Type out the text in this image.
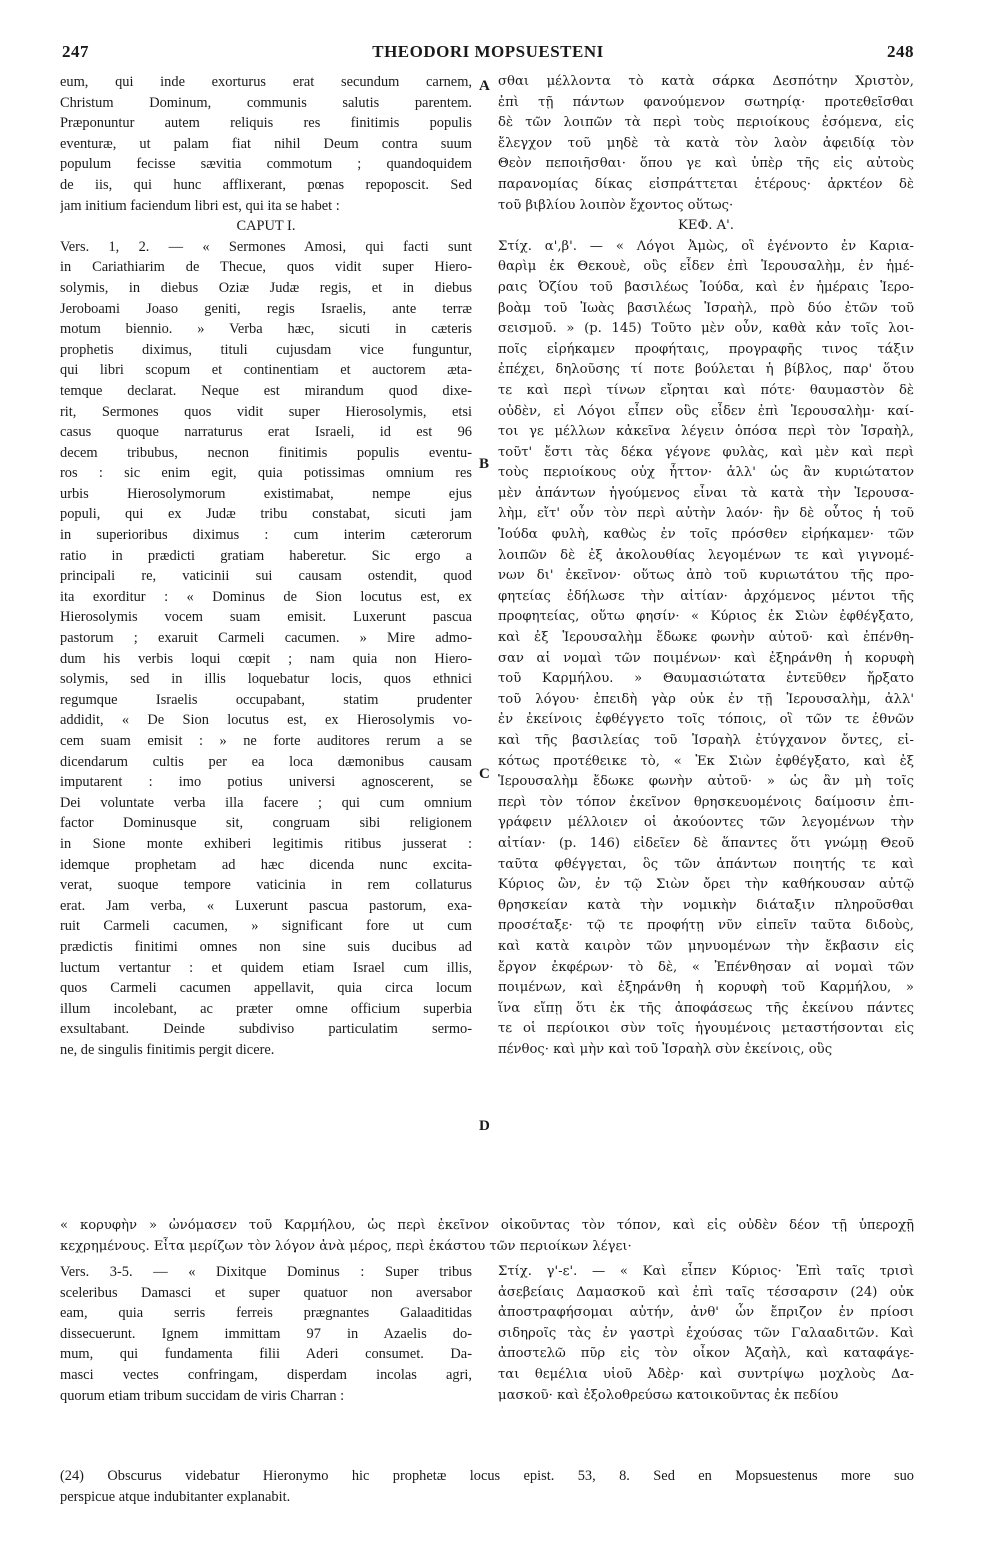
247	THEODORI MOPSUESTENI	248
eum, qui inde exorturus erat secundum carnem,
Christum Dominum, communis salutis parentem.
Præponuntur autem reliquis res finitimis populis
eventuræ, ut palam fiat nihil Deum contra suum
populum fecisse sævitia commotum ; quandoquidem
de iis, qui hunc afflixerant, pœnas repoposcit. Sed
jam initium faciendum libri est, qui ita se habet :
CAPUT I.
Vers. 1, 2. — « Sermones Amosi, qui facti sunt
in Cariathiarim de Thecue, quos vidit super Hiero-
solymis, in diebus Oziæ Judæ regis, et in diebus
Jeroboami Joaso geniti, regis Israelis, ante terræ
motum biennio. » Verba hæc, sicuti in cæteris
prophetis diximus, tituli cujusdam vice funguntur,
qui libri scopum et continentiam et auctorem ætа-
temque declarat. Neque est mirandum quod dixe-
rit, Sermones quos vidit super Hierosolymis, etsi
casus quoque narraturus erat Israeli, id est 96
decem tribubus, necnon finitimis populis eventu-
ros : sic enim egit, quia potissimas omnium res
urbis Hierosolymorum existimabat, nempe ejus
populi, qui ex Judæ tribu constabat, sicuti jam
in superioribus diximus : cum interim cæterorum
ratio in prædicti gratiam haberetur. Sic ergo a
principali re, vaticinii sui causam ostendit, quod
ita exorditur : « Dominus de Sion locutus est, ex
Hierosolymis vocem suam emisit. Luxerunt pascua
pastorum ; exaruit Carmeli cacumen. » Mire admo-
dum his verbis loqui cœpit ; nam quia non Hiero-
solymis, sed in illis loquebatur locis, quos ethnici
regumque Israelis occupabant, statim prudenter
addidit, « De Sion locutus est, ex Hierosolymis vo-
cem suam emisit : » ne forte auditores rerum a se
dicendarum cultis per ea loca dæmonibus causam
imputarent : imo potius universi agnoscerent, se
Dei voluntate verba illa facere ; qui cum omnium
factor Dominusque sit, congruam sibi religionem
in Sione monte exhiberi legitimis ritibus jusserat :
idemque prophetam ad hæc dicenda nunc excita-
verat, suoque tempore vaticinia in rem collaturus
erat. Jam verba, « Luxerunt pascua pastorum, exa-
ruit Carmeli cacumen, » significant fore ut cum
prædictis finitimi omnes non sine suis ducibus ad
luctum vertantur : et quidem etiam Israel cum illis,
quos Carmeli cacumen appellavit, quia circa locum
illum incolebant, ac præter omne officium superbia
exsultabant. Deinde subdiviso particulatim sermo-
ne, de singulis finitimis pergit dicere.
σθαι μέλλοντα τὸ κατὰ σάρκα Δεσπότην Χριστὸν,
ἐπὶ τῇ πάντων φανούμενον σωτηρίᾳ· προτεθεῖσθαι
δὲ τῶν λοιπῶν τὰ περὶ τοὺς περιοίκους ἐσόμενα, εἰς
ἔλεγχον τοῦ μηδὲ τὰ κατὰ τὸν λαὸν ἀφειδίᾳ τὸν
Θεὸν πεποιῆσθαι· ὅπου γε καὶ ὑπὲρ τῆς εἰς αὐτοὺς
παρανομίας δίκας εἰσπράττεται ἑτέρους· ἀρκτέον δὲ
τοῦ βιβλίου λοιπὸν ἔχοντος οὕτως·
ΚΕΦ. Α'.
Στίχ. α',β'. — « Λόγοι Ἀμὼς, οἳ ἐγένοντο ἐν Καρια-
θαρὶμ ἐκ Θεκουὲ, οὓς εἶδεν ἐπὶ Ἱερουσαλὴμ, ἐν ἡμέ-
ραις Ὀζίου τοῦ βασιλέως Ἰούδα, καὶ ἐν ἡμέραις Ἱερο-
βοὰμ τοῦ Ἰωὰς βασιλέως Ἰσραὴλ, πρὸ δύο ἐτῶν τοῦ
σεισμοῦ. » (p. 145) Τοῦτο μὲν οὖν, καθὰ κἀν τοῖς λοι-
ποῖς εἰρήκαμεν προφήταις, προγραφῆς τινος τάξιν
ἐπέχει, δηλοῦσης τί ποτε βούλεται ἡ βίβλος, παρ' ὅτου
τε καὶ περὶ τίνων εἴρηται καὶ πότε· θαυμαστὸν δὲ
οὐδὲν, εἰ Λόγοι εἶπεν οὓς εἶδεν ἐπὶ Ἱερουσαλὴμ· καί-
τοι γε μέλλων κἀκεῖνα λέγειν ὁπόσα περὶ τὸν Ἰσραὴλ,
τοῦτ' ἔστι τὰς δέκα γέγονε φυλὰς, καὶ μὲν καὶ περὶ
τοὺς περιοίκους οὐχ ἧττον· ἀλλ' ὡς ἂν κυριώτατον
μὲν ἁπάντων ἡγούμενος εἶναι τὰ κατὰ τὴν Ἱερουσα-
λὴμ, εἴτ' οὖν τὸν περὶ αὐτὴν λαόν· ἣν δὲ οὗτος ἡ τοῦ
Ἰούδα φυλὴ, καθὼς ἐν τοῖς πρόσθεν εἰρήκαμεν· τῶν
λοιπῶν δὲ ἐξ ἀκολουθίας λεγομένων τε καὶ γιγνομέ-
νων δι' ἐκεῖνον· οὕτως ἀπὸ τοῦ κυριωτάτου τῆς προ-
φητείας ἐδήλωσε τὴν αἰτίαν· ἀρχόμενος μέντοι τῆς
προφητείας, οὕτω φησίν· « Κύριος ἐκ Σιὼν ἐφθέγξατο,
καὶ ἐξ Ἱερουσαλὴμ ἔδωκε φωνὴν αὐτοῦ· καὶ ἐπένθη-
σαν αἱ νομαὶ τῶν ποιμένων· καὶ ἐξηράνθη ἡ κορυφὴ
τοῦ Καρμήλου. » Θαυμασιώτατα ἐντεῦθεν ἤρξατο
τοῦ λόγου· ἐπειδὴ γὰρ οὐκ ἐν τῇ Ἱερουσαλὴμ, ἀλλ'
ἐν ἐκείνοις ἐφθέγγετο τοῖς τόποις, οἳ τῶν τε ἐθνῶν
καὶ τῆς βασιλείας τοῦ Ἰσραὴλ ἐτύγχανον ὄντες, εἰ-
κότως προτέθεικε τὸ, « Ἐκ Σιὼν ἐφθέγξατο, καὶ ἐξ
Ἱερουσαλὴμ ἔδωκε φωνὴν αὐτοῦ· » ὡς ἂν μὴ τοῖς
περὶ τὸν τόπον ἐκεῖνον θρησκευομένοις δαίμοσιν ἐπι-
γράφειν μέλλοιεν οἱ ἀκούοντες τῶν λεγομένων τὴν
αἰτίαν· (p. 146) εἰδεῖεν δὲ ἅπαντες ὅτι γνώμῃ Θεοῦ
ταῦτα φθέγγεται, ὃς τῶν ἁπάντων ποιητής τε καὶ
Κύριος ὢν, ἐν τῷ Σιὼν ὄρει τὴν καθήκουσαν αὐτῷ
θρησκείαν κατὰ τὴν νομικὴν διάταξιν πληροῦσθαι
προσέταξε· τῷ τε προφήτῃ νῦν εἰπεῖν ταῦτα διδοὺς,
καὶ κατὰ καιρὸν τῶν μηνυομένων τὴν ἔκβασιν εἰς
ἔργον ἐκφέρων· τὸ δὲ, « Ἐπένθησαν αἱ νομαὶ τῶν
ποιμένων, καὶ ἐξηράνθη ἡ κορυφὴ τοῦ Καρμήλου, »
ἵνα εἴπῃ ὅτι ἐκ τῆς ἀποφάσεως τῆς ἐκείνου πάντες
τε οἱ περίοικοι σὺν τοῖς ἡγουμένοις μεταστήσονται εἰς
πένθος· καὶ μὴν καὶ τοῦ Ἰσραὴλ σὺν ἐκείνοις, οὓς
« κορυφὴν » ὠνόμασεν τοῦ Καρμήλου, ὡς περὶ ἐκεῖνον οἰκοῦντας τὸν τόπον, καὶ εἰς οὐδὲν δέον τῇ ὑπεροχῇ
κεχρημένους. Εἶτα μερίζων τὸν λόγον ἀνὰ μέρος, περὶ ἑκάστου τῶν περιοίκων λέγει·
Vers. 3-5. — « Dixitque Dominus : Super tribus
sceleribus Damasci et super quatuor non aversabor
eam, quia serris ferreis prægnantes Galaaditidas
dissecuerunt. Ignem immittam 97 in Azaelis do-
mum, qui fundamenta filii Aderi consumet. Da-
masci vectes confringam, disperdam incolas agri,
quorum etiam tribum succidam de viris Charran :
Στίχ. γ'-ε'. — « Καὶ εἶπεν Κύριος· Ἐπὶ ταῖς τρισὶ
ἀσεβείαις Δαμασκοῦ καὶ ἐπὶ ταῖς τέσσαρσιν (24) οὐκ
ἀποστραφήσομαι αὐτήν, ἀνθ' ὧν ἔπριζον ἐν πρίοσι
σιδηροῖς τὰς ἐν γαστρὶ ἐχούσας τῶν Γαλααδιτῶν. Καὶ
ἀποστελῶ πῦρ εἰς τὸν οἶκον Ἀζαὴλ, καὶ καταφάγε-
ται θεμέλια υἱοῦ Ἀδὲρ· καὶ συντρίψω μοχλοὺς Δα-
μασκοῦ· καὶ ἐξολοθρεύσω κατοικοῦντας ἐκ πεδίου
A
B
C
D
(24) Obscurus videbatur Hieronymo hic prophetæ locus epist. 53, 8. Sed en Mopsuestenus more suo
perspicue atque indubitanter explanabit.
